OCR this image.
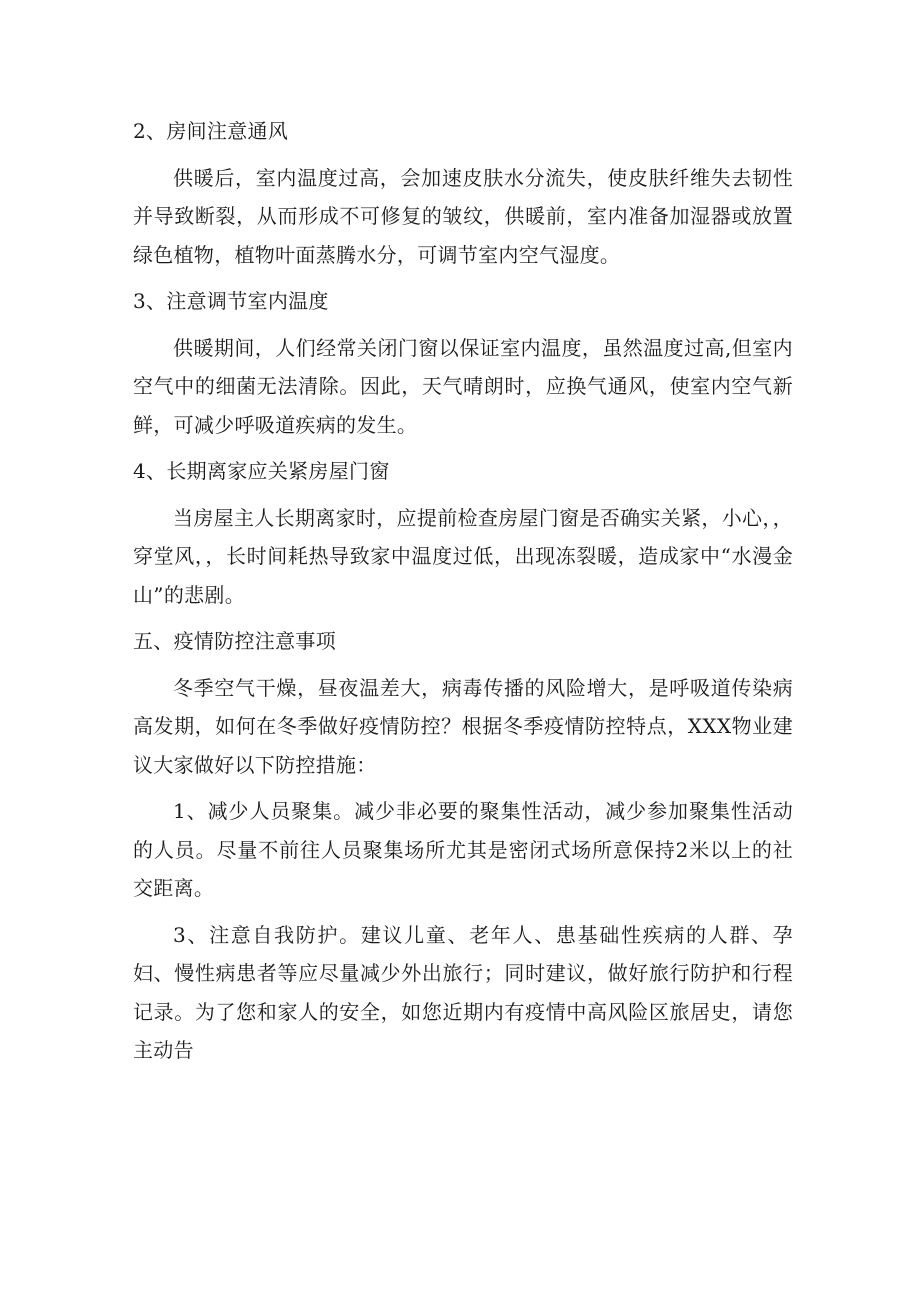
2、房间注意通风

供暖后，室内温度过高，会加速皮肤水分流失，使皮肤纤维失去韧性并导致断裂，从而形成不可修复的皱纹，供暖前，室内准备加湿器或放置绿色植物，植物叶面蒸腾水分，可调节室内空气湿度。

3、注意调节室内温度

供暖期间，人们经常关闭门窗以保证室内温度，虽然温度过高,但室内空气中的细菌无法清除。因此，天气晴朗时，应换气通风，使室内空气新鲜，可减少呼吸道疾病的发生。

4、长期离家应关紧房屋门窗

当房屋主人长期离家时，应提前检查房屋门窗是否确实关紧，小心，，穿堂风，，长时间耗热导致家中温度过低，出现冻裂暖，造成家中“水漫金山”的悲剧。

五、疫情防控注意事项

冬季空气干燥，昼夜温差大，病毒传播的风险增大，是呼吸道传染病高发期，如何在冬季做好疫情防控？根据冬季疫情防控特点，XXX物业建议大家做好以下防控措施：

1、减少人员聚集。减少非必要的聚集性活动，减少参加聚集性活动的人员。尽量不前往人员聚集场所尤其是密闭式场所意保持2米以上的社交距离。

3、注意自我防护。建议儿童、老年人、患基础性疾病的人群、孕妇、慢性病患者等应尽量减少外出旅行；同时建议，做好旅行防护和行程记录。为了您和家人的安全，如您近期内有疫情中高风险区旅居史，请您主动告
